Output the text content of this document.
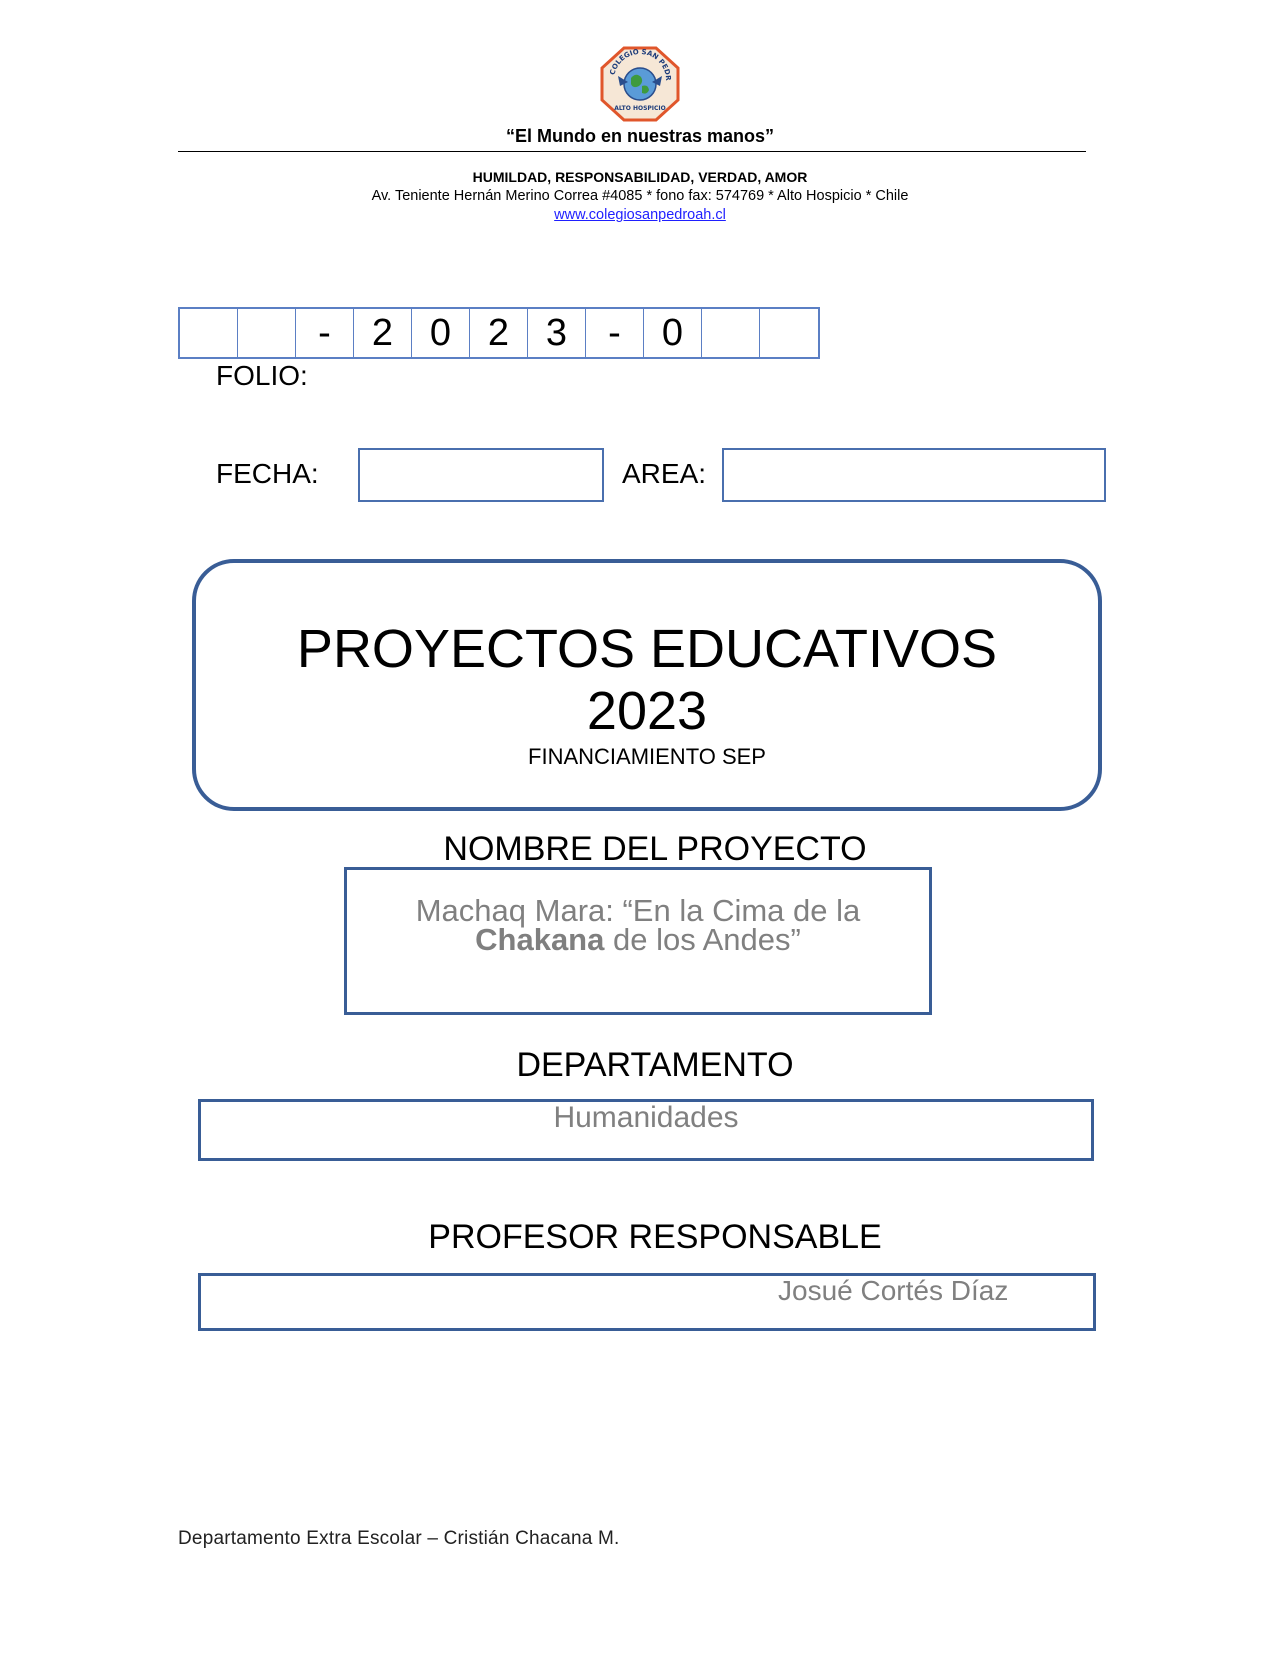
COLEGIO SAN PEDR
ALTO HOSPICIO
“El Mundo en nuestras manos”
HUMILDAD, RESPONSABILIDAD, VERDAD, AMOR
Av. Teniente Hernán Merino Correa #4085 * fono fax: 574769 * Alto Hospicio * Chile
www.colegiosanpedroah.cl
-	2 0 2 3	-	0
FOLIO:
FECHA:	AREA:
PROYECTOS EDUCATIVOS
2023
FINANCIAMIENTO SEP
NOMBRE DEL PROYECTO
Machaq Mara: “En la Cima de la
Chakana de los Andes”
DEPARTAMENTO
Humanidades
PROFESOR RESPONSABLE
Josué Cortés Díaz
Departamento Extra Escolar – Cristián Chacana M.
